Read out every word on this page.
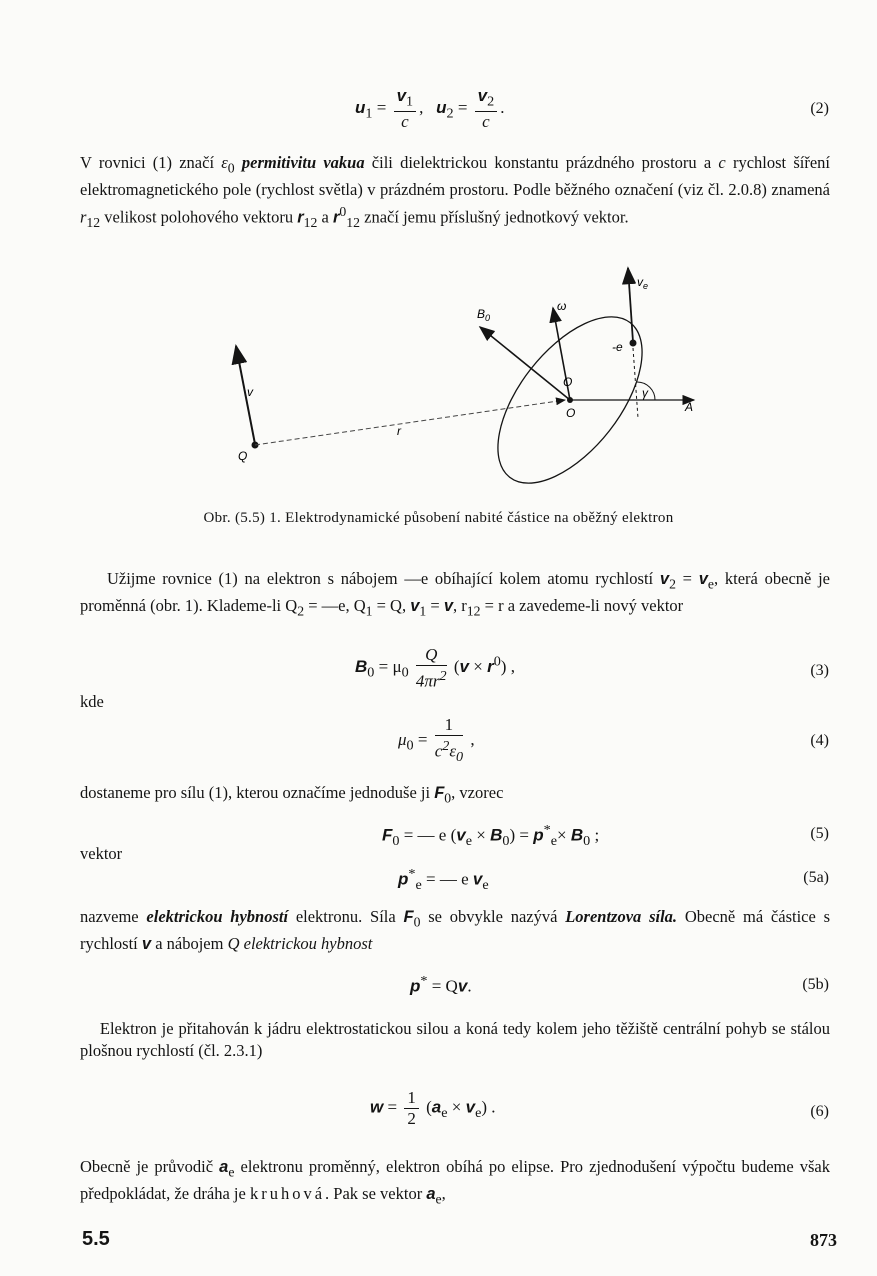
$u_1 = \frac{v_1}{c}$ ,   $u_2 = \frac{v_2}{c}$ .	(2)
V rovnici (1) značí $\varepsilon_0$ permitivitu vakua čili dielektrickou konstantu prázdného prostoru a c rychlost šíření elektromagnetického pole (rychlost světla) v prázdném prostoru. Podle běžného označení (viz čl. 2.0.8) znamená $r_{12}$ velikost polohového vektoru $r_{12}$ a $r^0_{12}$ značí jemu příslušný jednotkový vektor.
Q
v
r
$B_0$
ω
$v_e$
-e
O
O
A
γ
Obr. (5.5) 1. Elektrodynamické působení nabité částice na oběžný elektron
Užijme rovnice (1) na elektron s nábojem —e obíhající kolem atomu rychlostí $v_2 = v_e$, která obecně je proměnná (obr. 1). Klademe-li $Q_2$ = —e, $Q_1 = Q$, $v_1 = v$, $r_{12} = r$ a zavedeme-li nový vektor
$B_0 = \mu_0 \frac{Q}{4\pi r^2} (v \times r^0)$ ,	(3)
kde
$\mu_0 = \frac{1}{c^2\varepsilon_0}$ ,	(4)
dostaneme pro sílu (1), kterou označíme jednoduše ji $F_0$, vzorec
$F_0$ = — e $(v_e \times B_0) = p^*_e\times B_0$ ;	(5)
vektor
$p^*_e$ = — e $v_e$	(5a)
nazveme elektrickou hybností elektronu. Síla $F_0$ se obvykle nazývá Lorentzova síla. Obecně má částice s rychlostí v a nábojem Q elektrickou hybnost
p* = Qv.	(5b)
Elektron je přitahován k jádru elektrostatickou silou a koná tedy kolem jeho těžiště centrální pohyb se stálou plošnou rychlostí (čl. 2.3.1)
$w = \frac{1}{2} (a_e \times v_e)$ .	(6)
Obecně je průvodič $a_e$ elektronu proměnný, elektron obíhá po elipse. Pro zjednodušení výpočtu budeme však předpokládat, že dráha je kruhová. Pak se vektor $a_e$,
5.5	873
